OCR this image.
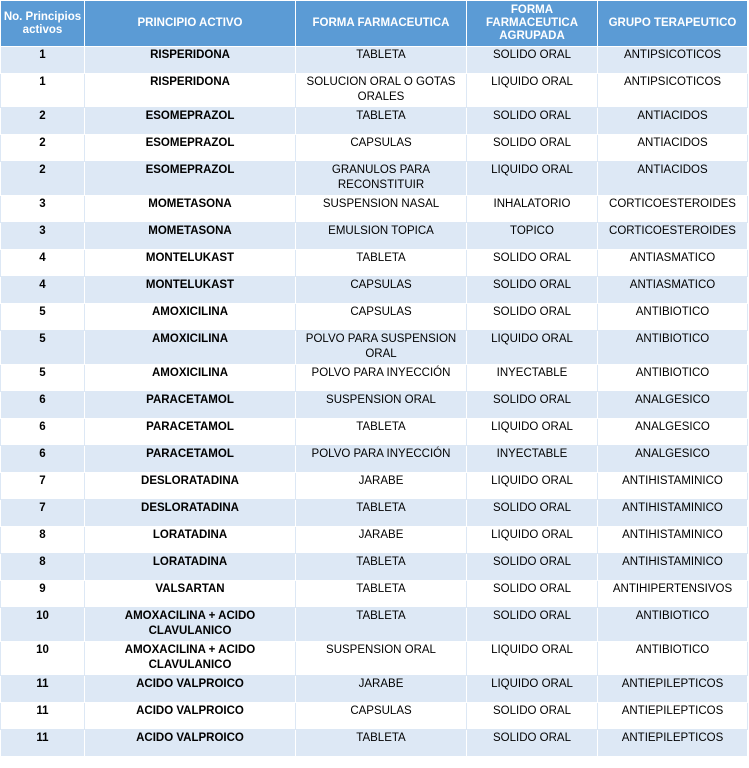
No. Principios activos	PRINCIPIO ACTIVO	FORMA FARMACEUTICA	FORMA FARMACEUTICA AGRUPADA	GRUPO TERAPEUTICO
1	RISPERIDONA	TABLETA	SOLIDO ORAL	ANTIPSICOTICOS
1	RISPERIDONA	SOLUCION ORAL O GOTAS ORALES	LIQUIDO ORAL	ANTIPSICOTICOS
2	ESOMEPRAZOL	TABLETA	SOLIDO ORAL	ANTIACIDOS
2	ESOMEPRAZOL	CAPSULAS	SOLIDO ORAL	ANTIACIDOS
2	ESOMEPRAZOL	GRANULOS PARA RECONSTITUIR	LIQUIDO ORAL	ANTIACIDOS
3	MOMETASONA	SUSPENSION NASAL	INHALATORIO	CORTICOESTEROIDES
3	MOMETASONA	EMULSION TOPICA	TOPICO	CORTICOESTEROIDES
4	MONTELUKAST	TABLETA	SOLIDO ORAL	ANTIASMATICO
4	MONTELUKAST	CAPSULAS	SOLIDO ORAL	ANTIASMATICO
5	AMOXICILINA	CAPSULAS	SOLIDO ORAL	ANTIBIOTICO
5	AMOXICILINA	POLVO PARA SUSPENSION ORAL	LIQUIDO ORAL	ANTIBIOTICO
5	AMOXICILINA	POLVO PARA INYECCIÓN	INYECTABLE	ANTIBIOTICO
6	PARACETAMOL	SUSPENSION ORAL	SOLIDO ORAL	ANALGESICO
6	PARACETAMOL	TABLETA	LIQUIDO ORAL	ANALGESICO
6	PARACETAMOL	POLVO PARA INYECCIÓN	INYECTABLE	ANALGESICO
7	DESLORATADINA	JARABE	LIQUIDO ORAL	ANTIHISTAMINICO
7	DESLORATADINA	TABLETA	SOLIDO ORAL	ANTIHISTAMINICO
8	LORATADINA	JARABE	LIQUIDO ORAL	ANTIHISTAMINICO
8	LORATADINA	TABLETA	SOLIDO ORAL	ANTIHISTAMINICO
9	VALSARTAN	TABLETA	SOLIDO ORAL	ANTIHIPERTENSIVOS
10	AMOXACILINA + ACIDO CLAVULANICO	TABLETA	SOLIDO ORAL	ANTIBIOTICO
10	AMOXACILINA + ACIDO CLAVULANICO	SUSPENSION ORAL	LIQUIDO ORAL	ANTIBIOTICO
11	ACIDO VALPROICO	JARABE	LIQUIDO ORAL	ANTIEPILEPTICOS
11	ACIDO VALPROICO	CAPSULAS	SOLIDO ORAL	ANTIEPILEPTICOS
11	ACIDO VALPROICO	TABLETA	SOLIDO ORAL	ANTIEPILEPTICOS
